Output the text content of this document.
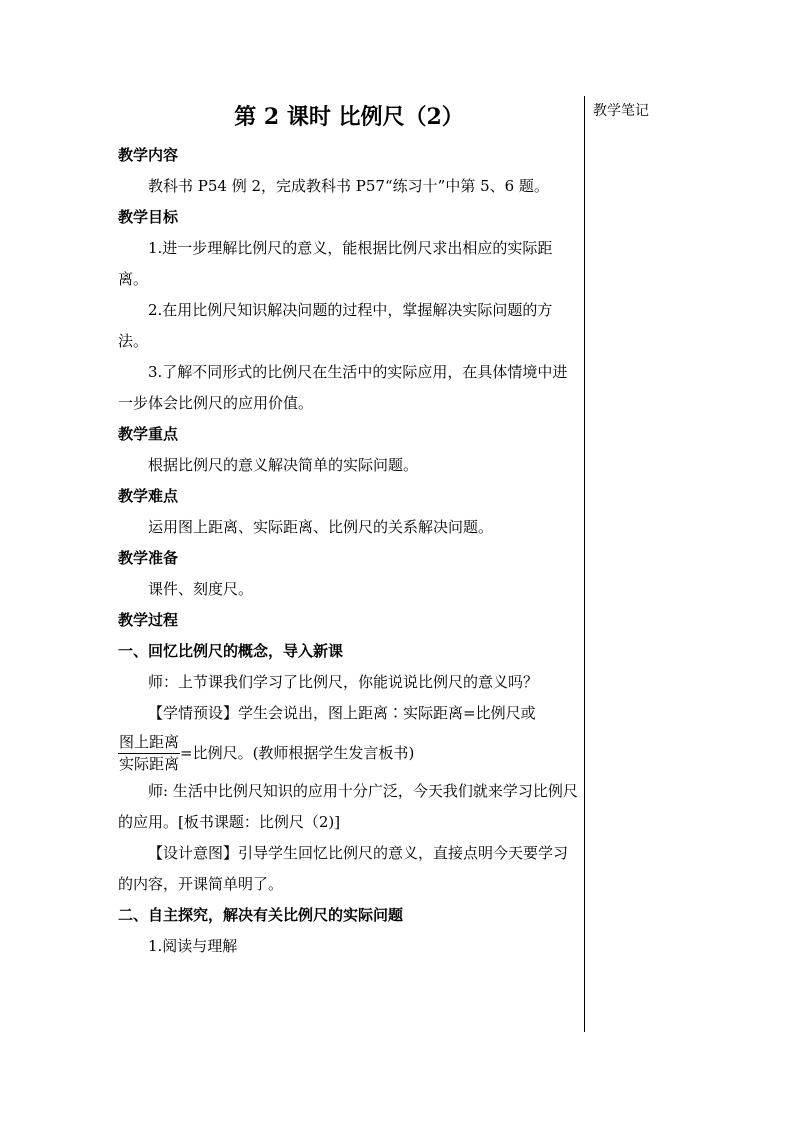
教学笔记
第 2 课时 比例尺（2）

教学内容

教科书 P54 例 2，完成教科书 P57“练习十”中第 5、6 题。

教学目标

1.进一步理解比例尺的意义，能根据比例尺求出相应的实际距离。

2.在用比例尺知识解决问题的过程中，掌握解决实际问题的方法。

3.了解不同形式的比例尺在生活中的实际应用，在具体情境中进一步体会比例尺的应用价值。

教学重点

根据比例尺的意义解决简单的实际问题。

教学难点

运用图上距离、实际距离、比例尺的关系解决问题。

教学准备

课件、刻度尺。

教学过程

一、回忆比例尺的概念，导入新课

师：上节课我们学习了比例尺，你能说说比例尺的意义吗？

【学情预设】学生会说出，图上距离∶实际距离=比例尺或

$\frac{\text{图上距离}}{\text{实际距离}}$ =比例尺。(教师根据学生发言板书)

师: 生活中比例尺知识的应用十分广泛，今天我们就来学习比例尺的应用。[板书课题：比例尺（2)]

【设计意图】引导学生回忆比例尺的意义，直接点明今天要学习的内容，开课简单明了。

二、自主探究，解决有关比例尺的实际问题

1.阅读与理解
